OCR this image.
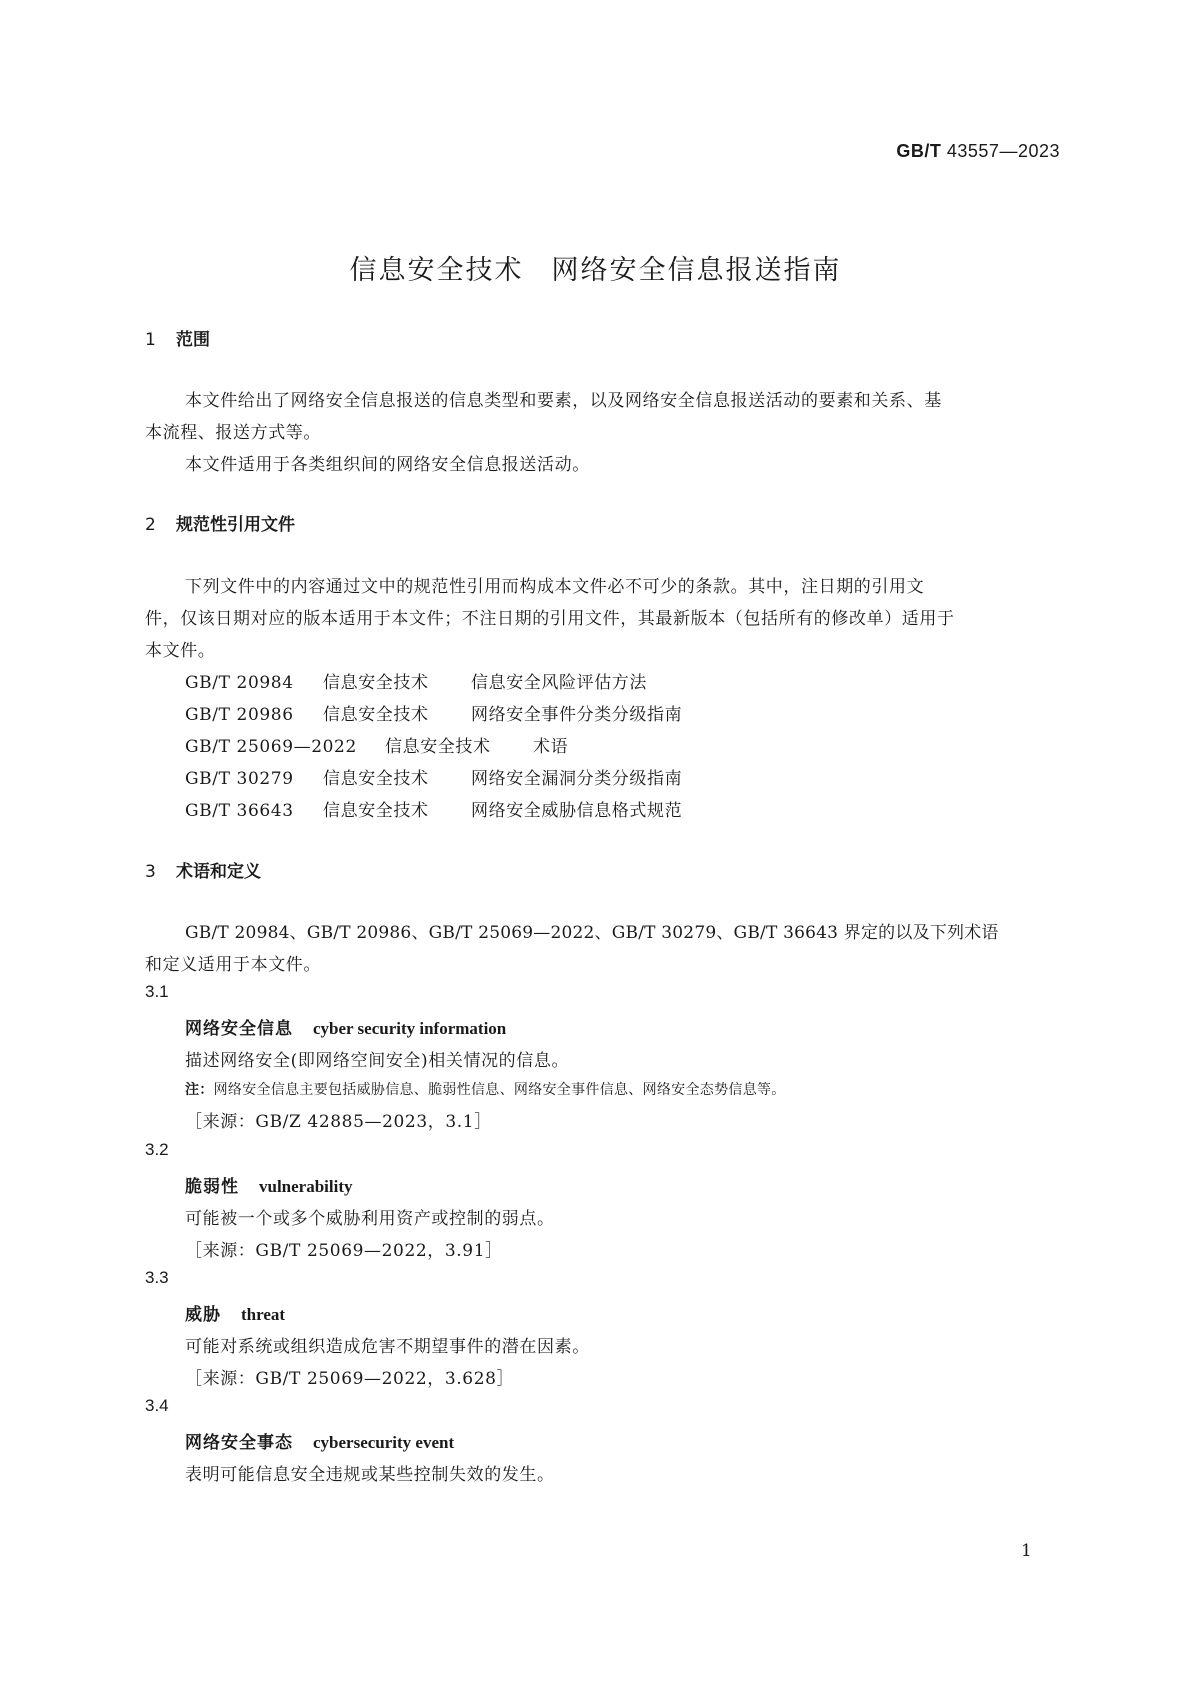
GB/T 43557—2023
信息安全技术 网络安全信息报送指南
1 范围
本文件给出了网络安全信息报送的信息类型和要素，以及网络安全信息报送活动的要素和关系、基
本流程、报送方式等。
本文件适用于各类组织间的网络安全信息报送活动。
2 规范性引用文件
下列文件中的内容通过文中的规范性引用而构成本文件必不可少的条款。其中，注日期的引用文
件，仅该日期对应的版本适用于本文件；不注日期的引用文件，其最新版本（包括所有的修改单）适用于
本文件。
GB/T 20984 信息安全技术 信息安全风险评估方法
GB/T 20986 信息安全技术 网络安全事件分类分级指南
GB/T 25069—2022 信息安全技术 术语
GB/T 30279 信息安全技术 网络安全漏洞分类分级指南
GB/T 36643 信息安全技术 网络安全威胁信息格式规范
3 术语和定义
GB/T 20984、GB/T 20986、GB/T 25069—2022、GB/T 30279、GB/T 36643 界定的以及下列术语
和定义适用于本文件。
3.1
网络安全信息 cyber security information
描述网络安全(即网络空间安全)相关情况的信息。
注：网络安全信息主要包括威胁信息、脆弱性信息、网络安全事件信息、网络安全态势信息等。
［来源：GB/Z 42885—2023，3.1］
3.2
脆弱性 vulnerability
可能被一个或多个威胁利用资产或控制的弱点。
［来源：GB/T 25069—2022，3.91］
3.3
威胁 threat
可能对系统或组织造成危害不期望事件的潜在因素。
［来源：GB/T 25069—2022，3.628］
3.4
网络安全事态 cybersecurity event
表明可能信息安全违规或某些控制失效的发生。
1
